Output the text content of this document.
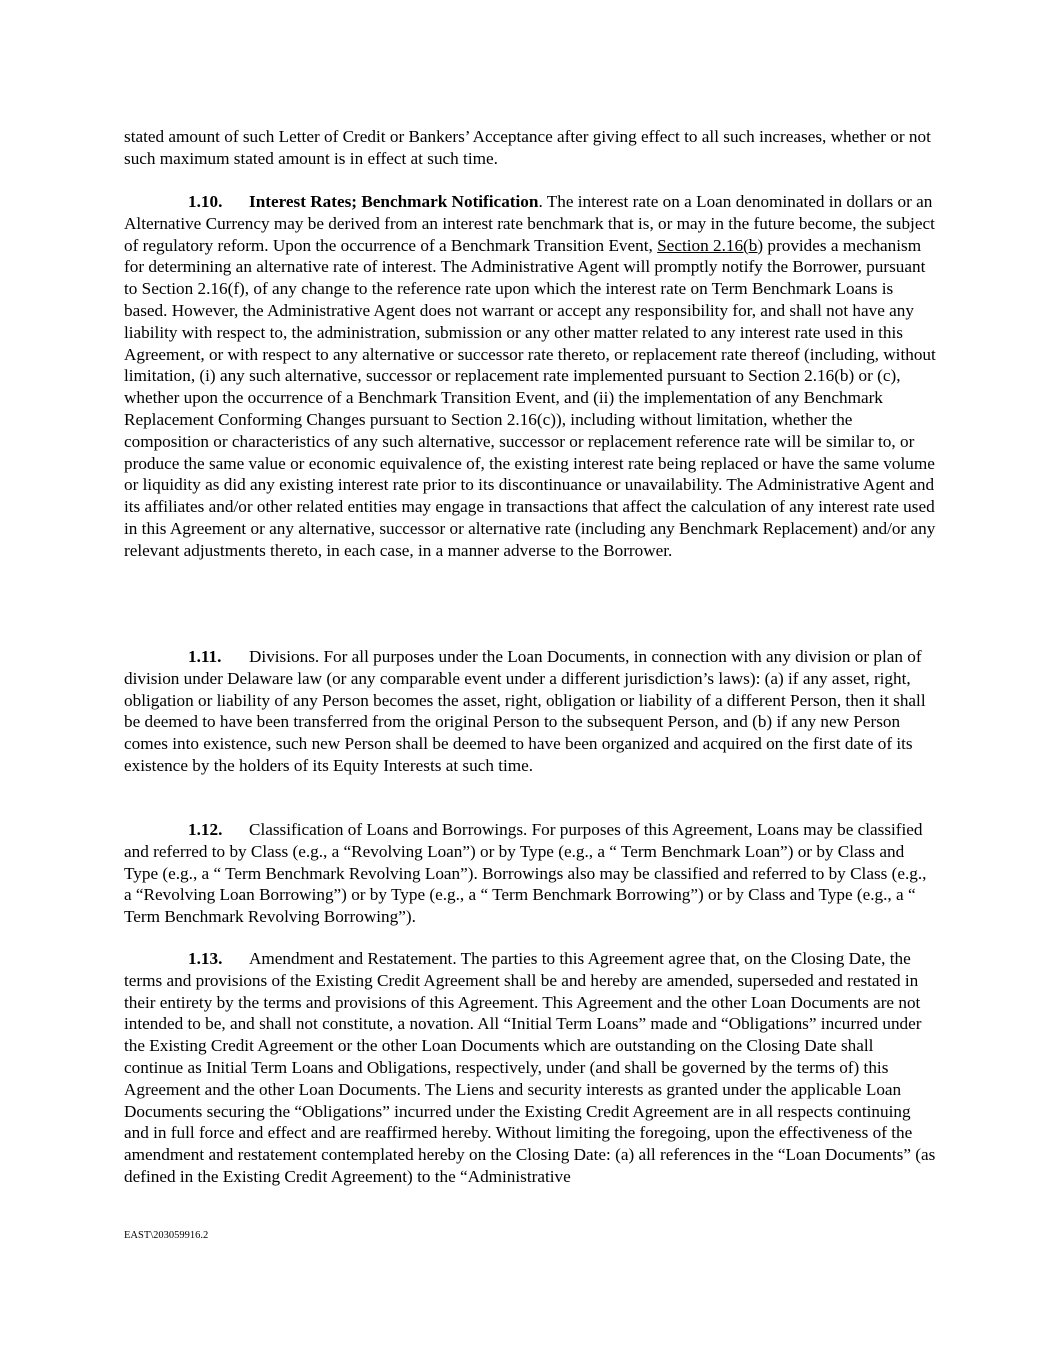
stated amount of such Letter of Credit or Bankers’ Acceptance after giving effect to all such increases, whether or not such maximum stated amount is in effect at such time.

1.10. Interest Rates; Benchmark Notification. The interest rate on a Loan denominated in dollars or an Alternative Currency may be derived from an interest rate benchmark that is, or may in the future become, the subject of regulatory reform. Upon the occurrence of a Benchmark Transition Event, Section 2.16(b) provides a mechanism for determining an alternative rate of interest. The Administrative Agent will promptly notify the Borrower, pursuant to Section 2.16(f), of any change to the reference rate upon which the interest rate on Term Benchmark Loans is based. However, the Administrative Agent does not warrant or accept any responsibility for, and shall not have any liability with respect to, the administration, submission or any other matter related to any interest rate used in this Agreement, or with respect to any alternative or successor rate thereto, or replacement rate thereof (including, without limitation, (i) any such alternative, successor or replacement rate implemented pursuant to Section 2.16(b) or (c), whether upon the occurrence of a Benchmark Transition Event, and (ii) the implementation of any Benchmark Replacement Conforming Changes pursuant to Section 2.16(c)), including without limitation, whether the composition or characteristics of any such alternative, successor or replacement reference rate will be similar to, or produce the same value or economic equivalence of, the existing interest rate being replaced or have the same volume or liquidity as did any existing interest rate prior to its discontinuance or unavailability. The Administrative Agent and its affiliates and/or other related entities may engage in transactions that affect the calculation of any interest rate used in this Agreement or any alternative, successor or alternative rate (including any Benchmark Replacement) and/or any relevant adjustments thereto, in each case, in a manner adverse to the Borrower.

1.11. Divisions. For all purposes under the Loan Documents, in connection with any division or plan of division under Delaware law (or any comparable event under a different jurisdiction’s laws): (a) if any asset, right, obligation or liability of any Person becomes the asset, right, obligation or liability of a different Person, then it shall be deemed to have been transferred from the original Person to the subsequent Person, and (b) if any new Person comes into existence, such new Person shall be deemed to have been organized and acquired on the first date of its existence by the holders of its Equity Interests at such time.

1.12. Classification of Loans and Borrowings. For purposes of this Agreement, Loans may be classified and referred to by Class (e.g., a “Revolving Loan”) or by Type (e.g., a “ Term Benchmark Loan”) or by Class and Type (e.g., a “ Term Benchmark Revolving Loan”). Borrowings also may be classified and referred to by Class (e.g., a “Revolving Loan Borrowing”) or by Type (e.g., a “ Term Benchmark Borrowing”) or by Class and Type (e.g., a “ Term Benchmark Revolving Borrowing”).

1.13. Amendment and Restatement. The parties to this Agreement agree that, on the Closing Date, the terms and provisions of the Existing Credit Agreement shall be and hereby are amended, superseded and restated in their entirety by the terms and provisions of this Agreement. This Agreement and the other Loan Documents are not intended to be, and shall not constitute, a novation. All “Initial Term Loans” made and “Obligations” incurred under the Existing Credit Agreement or the other Loan Documents which are outstanding on the Closing Date shall continue as Initial Term Loans and Obligations, respectively, under (and shall be governed by the terms of) this Agreement and the other Loan Documents. The Liens and security interests as granted under the applicable Loan Documents securing the “Obligations” incurred under the Existing Credit Agreement are in all respects continuing and in full force and effect and are reaffirmed hereby. Without limiting the foregoing, upon the effectiveness of the amendment and restatement contemplated hereby on the Closing Date: (a) all references in the “Loan Documents” (as defined in the Existing Credit Agreement) to the “Administrative

EAST\203059916.2
